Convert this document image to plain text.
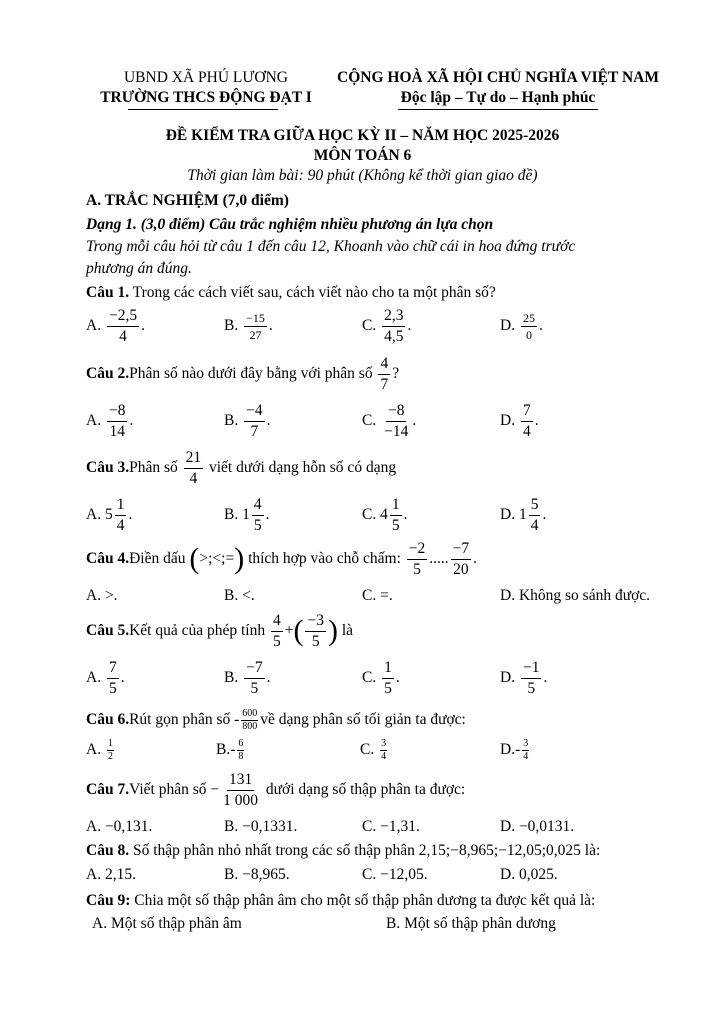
UBND XÃ PHÚ LƯƠNG
TRƯỜNG THCS ĐỘNG ĐẠT I
CỘNG HOÀ XÃ HỘI CHỦ NGHĨA VIỆT NAM
Độc lập – Tự do – Hạnh phúc
ĐỀ KIỂM TRA GIỮA HỌC KỲ II – NĂM HỌC 2025-2026
MÔN TOÁN 6
Thời gian làm bài: 90 phút (Không kể thời gian giao đề)
A. TRẮC NGHIỆM (7,0 điểm)
Dạng 1. (3,0 điểm) Câu trắc nghiệm nhiều phương án lựa chọn
Trong mỗi câu hỏi từ câu 1 đến câu 12, Khoanh vào chữ cái in hoa đứng trước
phương án đúng.
Câu 1. Trong các cách viết sau, cách viết nào cho ta một phân số?
A.
$\frac{-2,5}{4}$ .	B.
$\frac{-15}{27}$ .	C.
$\frac{2,3}{4,5}$ .	D.
$\frac{25}{0}$ .
Câu 2. Phân số nào dưới đây bằng với phân số
$\frac{4}{7}$ ?
A.
$\frac{-8}{14}$ .	B.
$\frac{-4}{7}$ .	C.
$\frac{-8}{-14}$ .	D.
$\frac{7}{4}$ .
Câu 3. Phân số
$\frac{21}{4}$
viết dưới dạng hỗn số có dạng
A.
$5 \frac{1}{4}$ .	B.
$1 \frac{4}{5}$ .	C.
$4 \frac{1}{5}$ .	D.
$1 \frac{5}{4}$ .
Câu 4. Điền dấu
( >;<;= )
thích hợp vào chỗ chấm:
$\frac{-2}{5}$ ..... $\frac{-7}{20}$ .
A. >.	B. <.	C. =.	D. Không so sánh được.
Câu 5. Kết quả của phép tính
$\frac{4}{5}$ + ( $\frac{-3}{5}$ )
là
A.
$\frac{7}{5}$ .	B.
$\frac{-7}{5}$ .	C.
$\frac{1}{5}$ .	D.
$\frac{-1}{5}$ .
Câu 6. Rút gọn phân số - $\frac{600}{800}$ về dạng phân số tối giản ta được:
A.
$\frac{1}{2}$	B. - $\frac{6}{8}$	C.
$\frac{3}{4}$	D. - $\frac{3}{4}$
Câu 7. Viết phân số − $\frac{131}{1 000}$
dưới dạng số thập phân ta được:
A. −0,131.	B. −0,1331.	C. −1,31.	D. −0,0131.
Câu 8. Số thập phân nhỏ nhất trong các số thập phân 2,15;−8,965;−12,05;0,025 là:
A. 2,15.	B. −8,965.	C. −12,05.	D. 0,025.
Câu 9: Chia một số thập phân âm cho một số thập phân dương ta được kết quả là:
A. Một số thập phân âm	B. Một số thập phân dương
